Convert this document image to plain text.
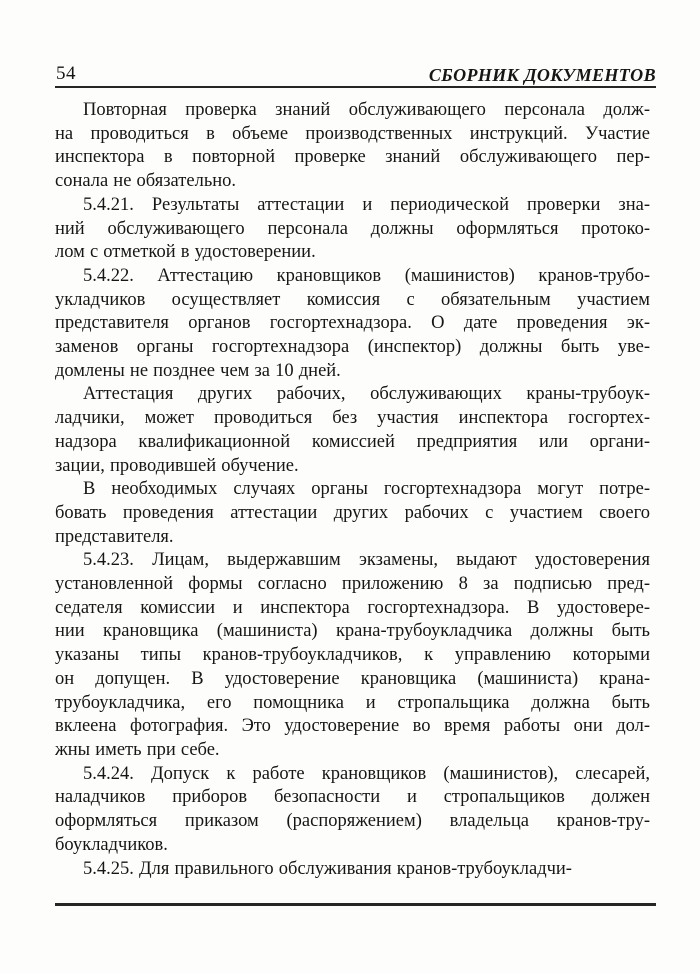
54	СБОРНИК ДОКУМЕНТОВ
Повторная проверка знаний обслуживающего персонала долж-
на проводиться в объеме производственных инструкций. Участие
инспектора в повторной проверке знаний обслуживающего пер-
сонала не обязательно.
5.4.21. Результаты аттестации и периодической проверки зна-
ний обслуживающего персонала должны оформляться протоко-
лом с отметкой в удостоверении.
5.4.22. Аттестацию крановщиков (машинистов) кранов-трубо-
укладчиков осуществляет комиссия с обязательным участием
представителя органов госгортехнадзора. О дате проведения эк-
заменов органы госгортехнадзора (инспектор) должны быть уве-
домлены не позднее чем за 10 дней.
Аттестация других рабочих, обслуживающих краны-трубоук-
ладчики, может проводиться без участия инспектора госгортех-
надзора квалификационной комиссией предприятия или органи-
зации, проводившей обучение.
В необходимых случаях органы госгортехнадзора могут потре-
бовать проведения аттестации других рабочих с участием своего
представителя.
5.4.23. Лицам, выдержавшим экзамены, выдают удостоверения
установленной формы согласно приложению 8 за подписью пред-
седателя комиссии и инспектора госгортехнадзора. В удостовере-
нии крановщика (машиниста) крана-трубоукладчика должны быть
указаны типы кранов-трубоукладчиков, к управлению которыми
он допущен. В удостоверение крановщика (машиниста) крана-
трубоукладчика, его помощника и стропальщика должна быть
вклеена фотография. Это удостоверение во время работы они дол-
жны иметь при себе.
5.4.24. Допуск к работе крановщиков (машинистов), слесарей,
наладчиков приборов безопасности и стропальщиков должен
оформляться приказом (распоряжением) владельца кранов-тру-
боукладчиков.
5.4.25. Для правильного обслуживания кранов-трубоукладчи-
